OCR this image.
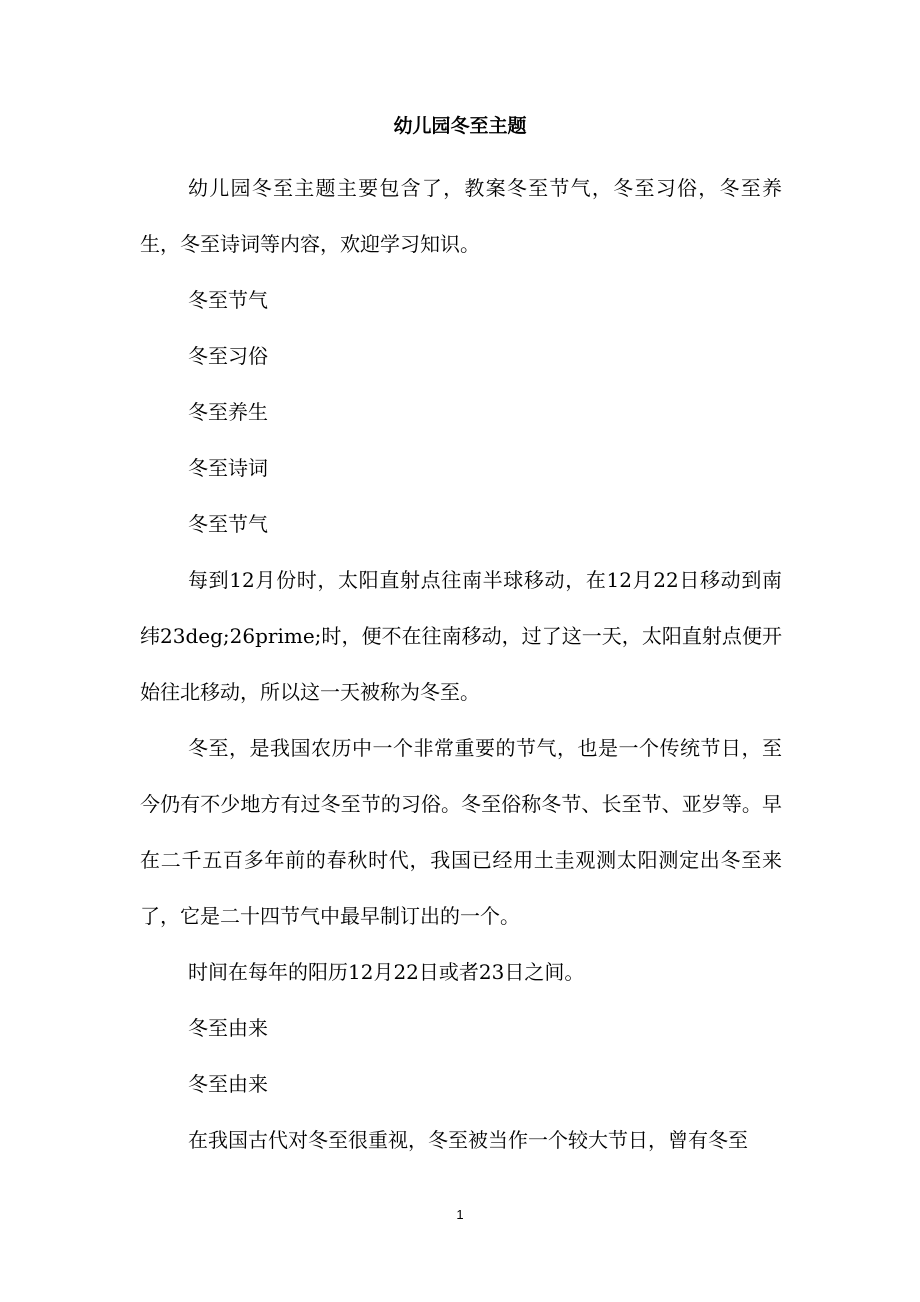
幼儿园冬至主题

幼儿园冬至主题主要包含了，教案冬至节气，冬至习俗，冬至养生，冬至诗词等内容，欢迎学习知识。

冬至节气

冬至习俗

冬至养生

冬至诗词

冬至节气

每到12月份时，太阳直射点往南半球移动，在12月22日移动到南纬23deg;26prime;时，便不在往南移动，过了这一天，太阳直射点便开始往北移动，所以这一天被称为冬至。

冬至，是我国农历中一个非常重要的节气，也是一个传统节日，至今仍有不少地方有过冬至节的习俗。冬至俗称冬节、长至节、亚岁等。早在二千五百多年前的春秋时代，我国已经用土圭观测太阳测定出冬至来了，它是二十四节气中最早制订出的一个。

时间在每年的阳历12月22日或者23日之间。

冬至由来

冬至由来

在我国古代对冬至很重视，冬至被当作一个较大节日，曾有冬至

1
